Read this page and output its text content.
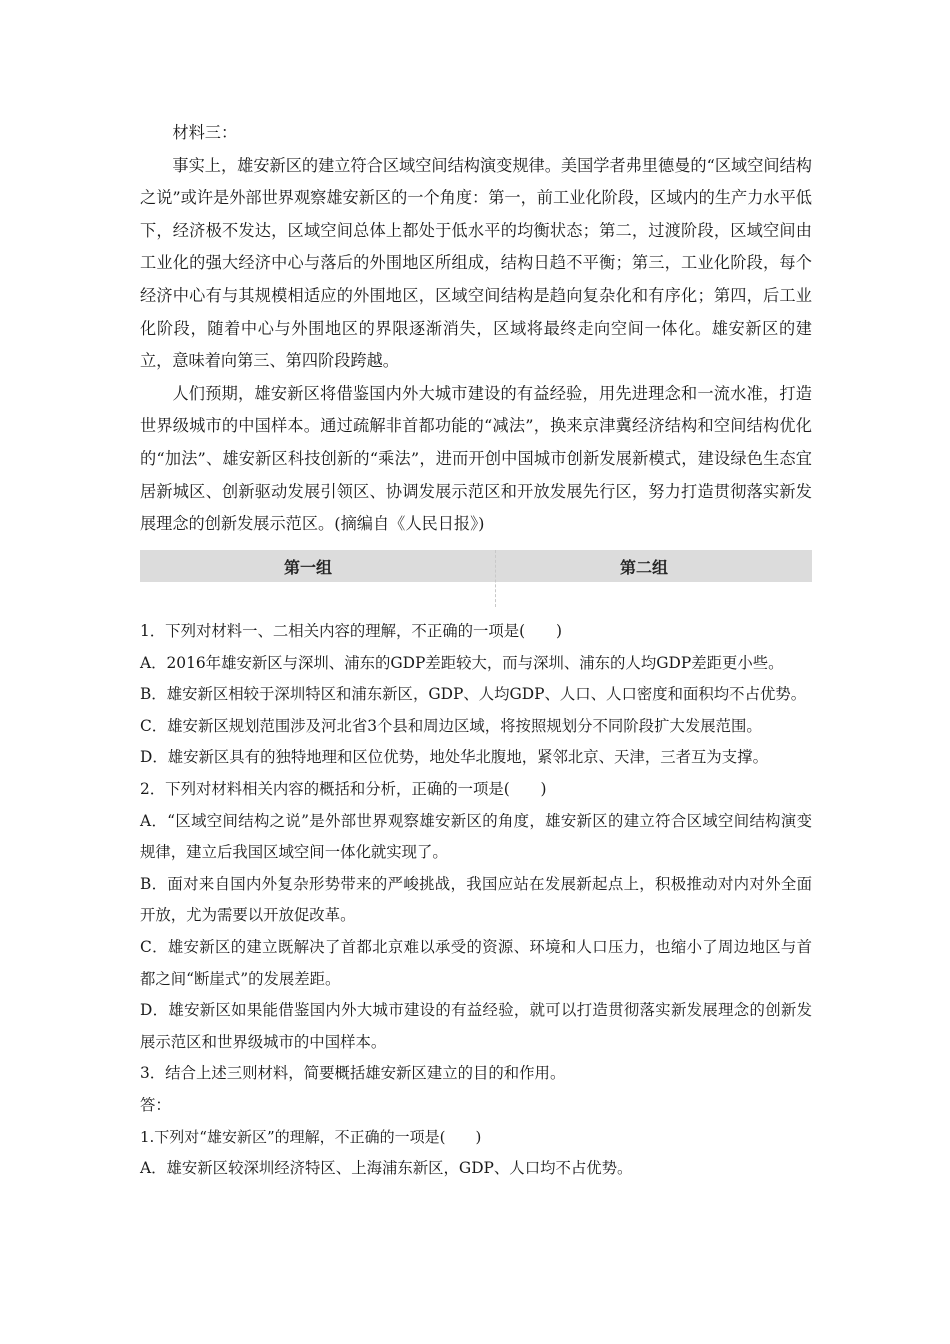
材料三：

事实上，雄安新区的建立符合区域空间结构演变规律。美国学者弗里德曼的“区域空间结构之说”或许是外部世界观察雄安新区的一个角度：第一，前工业化阶段，区域内的生产力水平低下，经济极不发达，区域空间总体上都处于低水平的均衡状态；第二，过渡阶段，区域空间由工业化的强大经济中心与落后的外围地区所组成，结构日趋不平衡；第三，工业化阶段，每个经济中心有与其规模相适应的外围地区，区域空间结构是趋向复杂化和有序化；第四，后工业化阶段，随着中心与外围地区的界限逐渐消失，区域将最终走向空间一体化。雄安新区的建立，意味着向第三、第四阶段跨越。

人们预期，雄安新区将借鉴国内外大城市建设的有益经验，用先进理念和一流水准，打造世界级城市的中国样本。通过疏解非首都功能的“减法”，换来京津冀经济结构和空间结构优化的“加法”、雄安新区科技创新的“乘法”，进而开创中国城市创新发展新模式，建设绿色生态宜居新城区、创新驱动发展引领区、协调发展示范区和开放发展先行区，努力打造贯彻落实新发展理念的创新发展示范区。(摘编自《人民日报》)

第一组	第二组

1．下列对材料一、二相关内容的理解，不正确的一项是(　　)

A．2016年雄安新区与深圳、浦东的GDP差距较大，而与深圳、浦东的人均GDP差距更小些。

B．雄安新区相较于深圳特区和浦东新区，GDP、人均GDP、人口、人口密度和面积均不占优势。

C．雄安新区规划范围涉及河北省3个县和周边区域，将按照规划分不同阶段扩大发展范围。

D．雄安新区具有的独特地理和区位优势，地处华北腹地，紧邻北京、天津，三者互为支撑。

2．下列对材料相关内容的概括和分析，正确的一项是(　　)

A．“区域空间结构之说”是外部世界观察雄安新区的角度，雄安新区的建立符合区域空间结构演变规律，建立后我国区域空间一体化就实现了。

B．面对来自国内外复杂形势带来的严峻挑战，我国应站在发展新起点上，积极推动对内对外全面开放，尤为需要以开放促改革。

C．雄安新区的建立既解决了首都北京难以承受的资源、环境和人口压力，也缩小了周边地区与首都之间“断崖式”的发展差距。

D．雄安新区如果能借鉴国内外大城市建设的有益经验，就可以打造贯彻落实新发展理念的创新发展示范区和世界级城市的中国样本。

3．结合上述三则材料，简要概括雄安新区建立的目的和作用。

答：

1.下列对“雄安新区”的理解，不正确的一项是(　　)

A．雄安新区较深圳经济特区、上海浦东新区，GDP、人口均不占优势。
